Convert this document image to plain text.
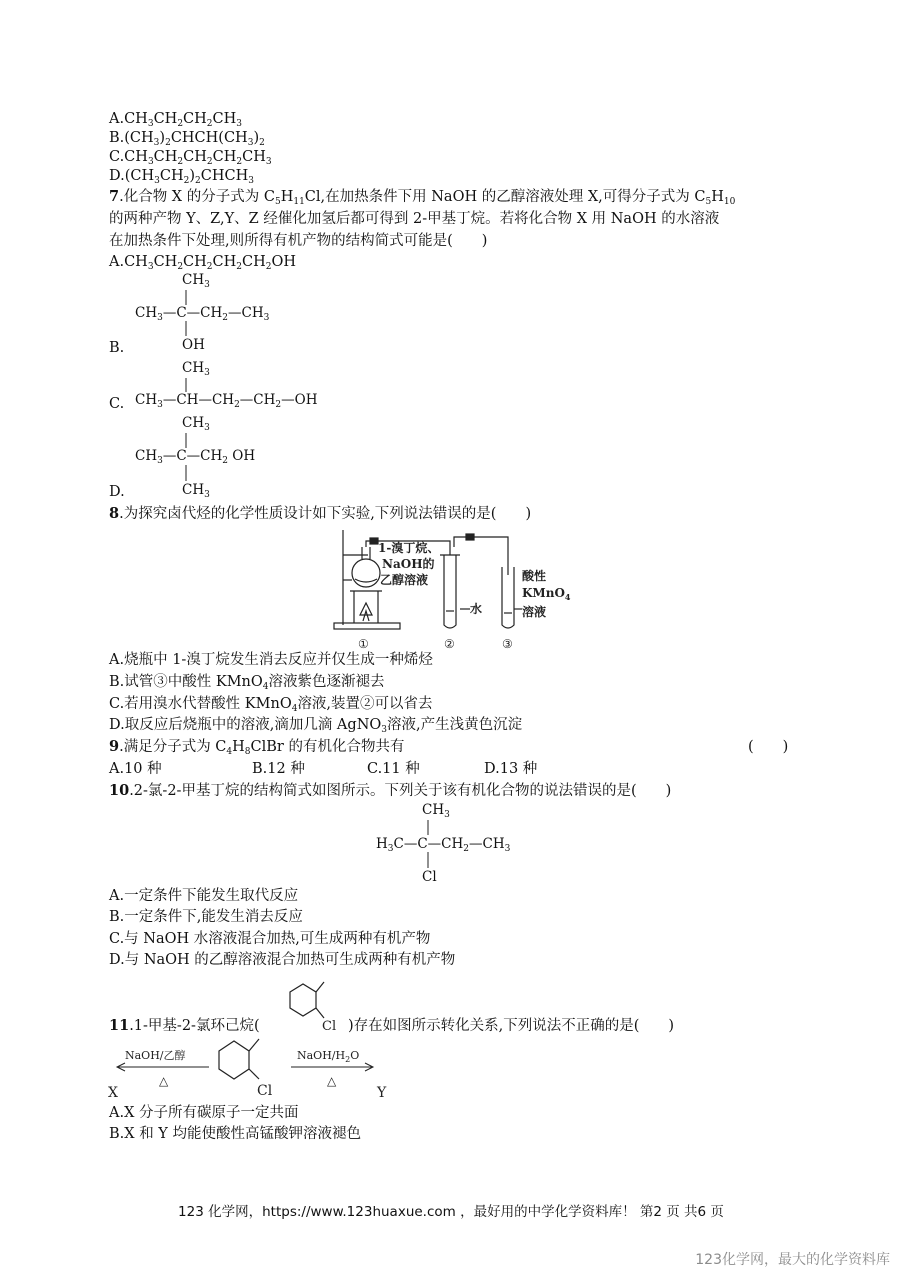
$A.CH_3CH_2CH_2CH_3$
$B.(CH_3)_2CHCH(CH_3)_2$
$C.CH_3CH_2CH_2CH_2CH_3$
$D.(CH_3CH_2)_2CHCH_3$
7.化合物 X 的分子式为 $C_5H_{11}Cl$,在加热条件下用 NaOH 的乙醇溶液处理 X,可得分子式为 $C_5H_{10}$
的两种产物 Y、Z,Y、Z 经催化加氢后都可得到 2-甲基丁烷。若将化合物 X 用 NaOH 的水溶液
在加热条件下处理,则所得有机产物的结构简式可能是(　　)
$A.CH_3CH_2CH_2CH_2CH_2OH$
$CH_3$
$CH_3—C—CH_2—CH_3$
B.	OH
$CH_3$
C. $CH_3—CH—CH_2—CH_2—OH$
$CH_3$
$CH_3—C—CH_2$ OH
$CH_3$
D.
8.为探究卤代烃的化学性质设计如下实验,下列说法错误的是(　　)
1-溴丁烷、
NaOH的
乙醇溶液
水
酸性
KMnO$_4$
溶液
①	②	③
A.烧瓶中 1-溴丁烷发生消去反应并仅生成一种烯烃
B.试管③中酸性 KMnO$_4$溶液紫色逐渐褪去
C.若用溴水代替酸性 KMnO$_4$溶液,装置②可以省去
D.取反应后烧瓶中的溶液,滴加几滴 AgNO$_3$溶液,产生浅黄色沉淀
9.满足分子式为 $C_4H_8ClBr$ 的有机化合物共有	(　　)
A.10 种	B.12 种	C.11 种	D.13 种
10.2-氯-2-甲基丁烷的结构简式如图所示。下列关于该有机化合物的说法错误的是(　　)
$CH_3$
$H_3C—C—CH_2—CH_3$
Cl
A.一定条件下能发生取代反应
B.一定条件下,能发生消去反应
C.与 NaOH 水溶液混合加热,可生成两种有机产物
D.与 NaOH 的乙醇溶液混合加热可生成两种有机产物
11.1-甲基-2-氯环己烷(	Cl )存在如图所示转化关系,下列说法不正确的是(　　)
NaOH/乙醇
△
X	Cl
NaOH/$H_2O$
△
Y
A.X 分子所有碳原子一定共面
B.X 和 Y 均能使酸性高锰酸钾溶液褪色
123 化学网，https://www.123huaxue.com ，最好用的中学化学资料库！ 第2 页 共6 页
123化学网，最大的化学资料库
